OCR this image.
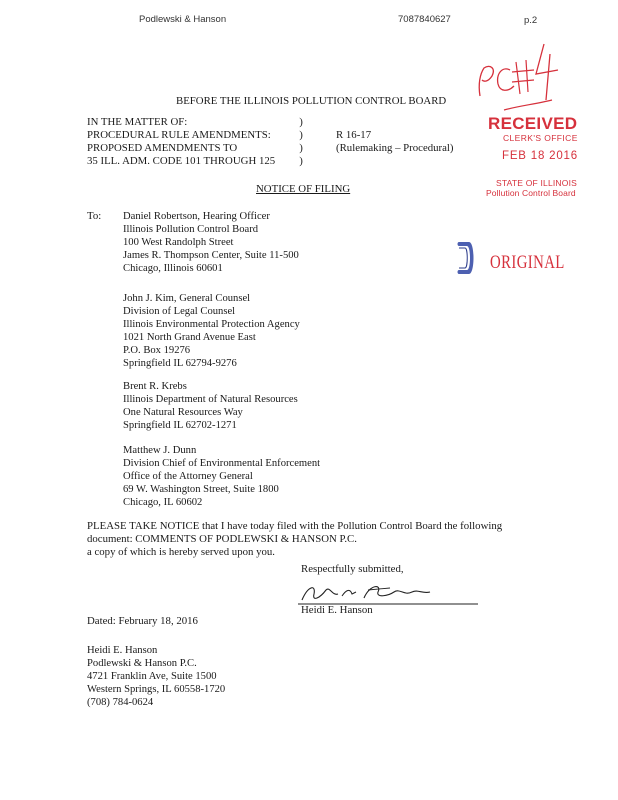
Podlewski & Hanson	7087840627	p.2
RECEIVED
CLERK'S OFFICE
FEB 18 2016
STATE OF ILLINOIS
Pollution Control Board
ORIGINAL
BEFORE THE ILLINOIS POLLUTION CONTROL BOARD
IN THE MATTER OF:
PROCEDURAL RULE AMENDMENTS:
PROPOSED AMENDMENTS TO
35 ILL. ADM. CODE 101 THROUGH 125
)
)
)
)
R 16-17
(Rulemaking – Procedural)
NOTICE OF FILING
To: Daniel Robertson, Hearing Officer
Illinois Pollution Control Board
100 West Randolph Street
James R. Thompson Center, Suite 11-500
Chicago, Illinois 60601
John J. Kim, General Counsel
Division of Legal Counsel
Illinois Environmental Protection Agency
1021 North Grand Avenue East
P.O. Box 19276
Springfield IL 62794-9276
Brent R. Krebs
Illinois Department of Natural Resources
One Natural Resources Way
Springfield IL 62702-1271
Matthew J. Dunn
Division Chief of Environmental Enforcement
Office of the Attorney General
69 W. Washington Street, Suite 1800
Chicago, IL 60602
PLEASE TAKE NOTICE that I have today filed with the Pollution Control Board the following
document: COMMENTS OF PODLEWSKI & HANSON P.C.
a copy of which is hereby served upon you.
Respectfully submitted,
Heidi E. Hanson
Dated: February 18, 2016
Heidi E. Hanson
Podlewski & Hanson P.C.
4721 Franklin Ave, Suite 1500
Western Springs, IL 60558-1720
(708) 784-0624
